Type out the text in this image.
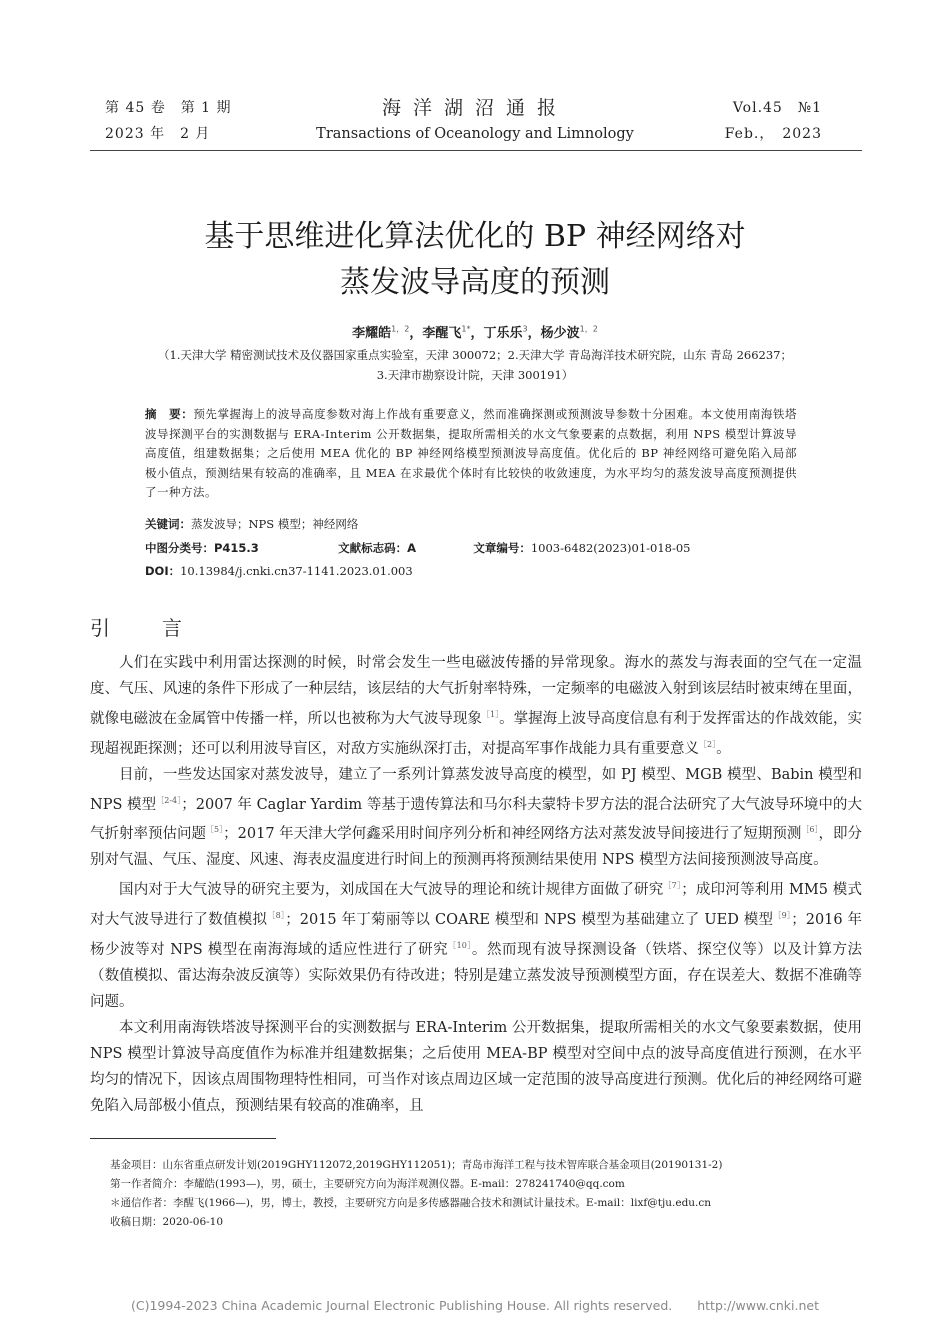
第 45 卷　第 1 期
2023 年　2 月
海洋湖沼通报
Transactions of Oceanology and Limnology
Vol.45　№1
Feb.，　2023
基于思维进化算法优化的 BP 神经网络对
蒸发波导高度的预测
李耀皓$^{1,2}$，李醒飞$^{1*}$，丁乐乐$^3$，杨少波$^{1,2}$
（1.天津大学 精密测试技术及仪器国家重点实验室，天津 300072；2.天津大学 青岛海洋技术研究院，山东 青岛 266237；
3.天津市勘察设计院，天津 300191）
摘　要：预先掌握海上的波导高度参数对海上作战有重要意义，然而准确探测或预测波导参数十分困难。本文使用南海铁塔波导探测平台的实测数据与 ERA-Interim 公开数据集，提取所需相关的水文气象要素的点数据，利用 NPS 模型计算波导高度值，组建数据集；之后使用 MEA 优化的 BP 神经网络模型预测波导高度值。优化后的 BP 神经网络可避免陷入局部极小值点，预测结果有较高的准确率，且 MEA 在求最优个体时有比较快的收敛速度，为水平均匀的蒸发波导高度预测提供了一种方法。
关键词：蒸发波导；NPS 模型；神经网络
中图分类号：P415.3	文献标志码：A	文章编号：1003-6482(2023)01-018-05
DOI：10.13984/j.cnki.cn37-1141.2023.01.003
引　言

人们在实践中利用雷达探测的时候，时常会发生一些电磁波传播的异常现象。海水的蒸发与海表面的空气在一定温度、气压、风速的条件下形成了一种层结，该层结的大气折射率特殊，一定频率的电磁波入射到该层结时被束缚在里面，就像电磁波在金属管中传播一样，所以也被称为大气波导现象$^{[1]}$。掌握海上波导高度信息有利于发挥雷达的作战效能，实现超视距探测；还可以利用波导盲区，对敌方实施纵深打击，对提高军事作战能力具有重要意义$^{[2]}$。

目前，一些发达国家对蒸发波导，建立了一系列计算蒸发波导高度的模型，如 PJ 模型、MGB 模型、Babin 模型和 NPS 模型$^{[2-4]}$；2007 年 Caglar Yardim 等基于遗传算法和马尔科夫蒙特卡罗方法的混合法研究了大气波导环境中的大气折射率预估问题$^{[5]}$；2017 年天津大学何鑫采用时间序列分析和神经网络方法对蒸发波导间接进行了短期预测$^{[6]}$，即分别对气温、气压、湿度、风速、海表皮温度进行时间上的预测再将预测结果使用 NPS 模型方法间接预测波导高度。

国内对于大气波导的研究主要为，刘成国在大气波导的理论和统计规律方面做了研究$^{[7]}$；成印河等利用 MM5 模式对大气波导进行了数值模拟$^{[8]}$；2015 年丁菊丽等以 COARE 模型和 NPS 模型为基础建立了 UED 模型$^{[9]}$；2016 年杨少波等对 NPS 模型在南海海域的适应性进行了研究$^{[10]}$。然而现有波导探测设备（铁塔、探空仪等）以及计算方法（数值模拟、雷达海杂波反演等）实际效果仍有待改进；特别是建立蒸发波导预测模型方面，存在误差大、数据不准确等问题。

本文利用南海铁塔波导探测平台的实测数据与 ERA-Interim 公开数据集，提取所需相关的水文气象要素数据，使用 NPS 模型计算波导高度值作为标准并组建数据集；之后使用 MEA-BP 模型对空间中点的波导高度值进行预测，在水平均匀的情况下，因该点周围物理特性相同，可当作对该点周边区域一定范围的波导高度进行预测。优化后的神经网络可避免陷入局部极小值点，预测结果有较高的准确率，且

基金项目：山东省重点研发计划(2019GHY112072,2019GHY112051)；青岛市海洋工程与技术智库联合基金项目(20190131-2)
第一作者简介：李耀皓(1993—)，男，硕士，主要研究方向为海洋观测仪器。E-mail：278241740@qq.com
＊通信作者：李醒飞(1966—)，男，博士，教授，主要研究方向是多传感器融合技术和测试计量技术。E-mail：lixf@tju.edu.cn
收稿日期：2020-06-10
(C)1994-2023 China Academic Journal Electronic Publishing House. All rights reserved.　　http://www.cnki.net
